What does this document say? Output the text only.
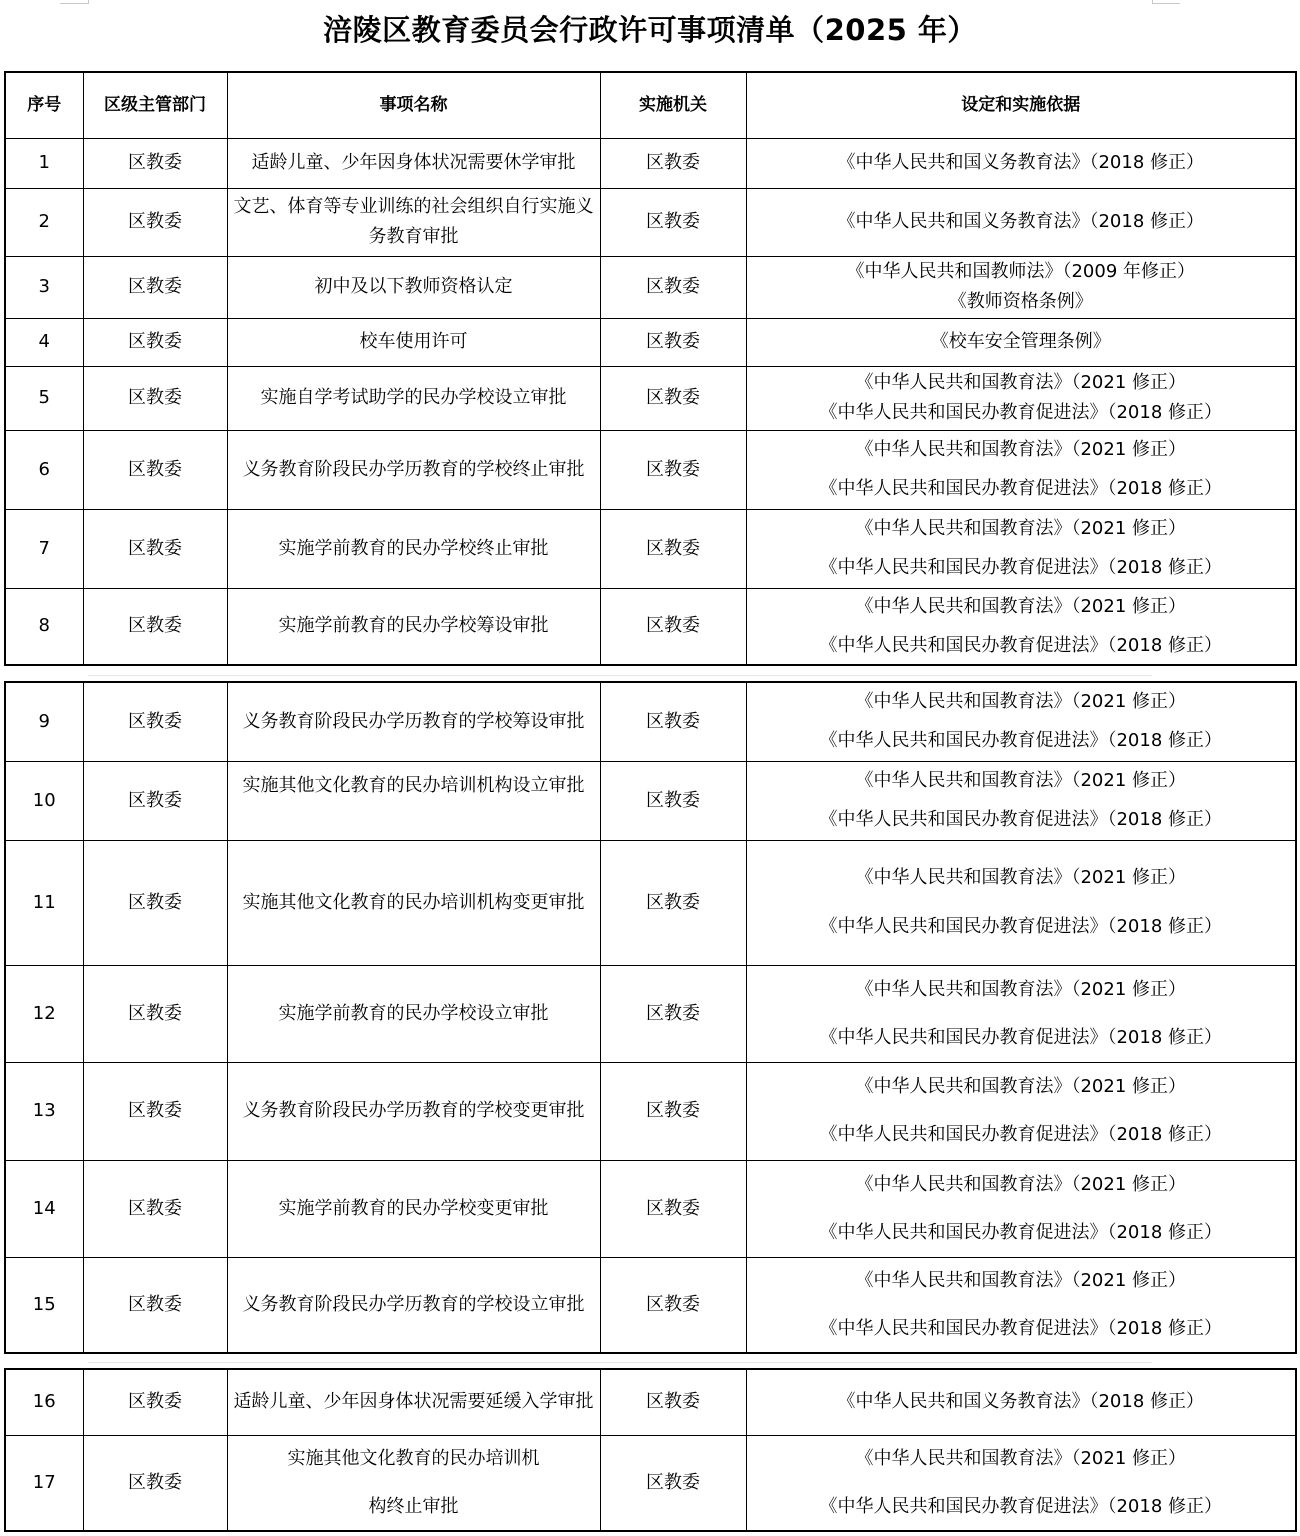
涪陵区教育委员会行政许可事项清单（2025 年）
序号	区级主管部门	事项名称	实施机关	设定和实施依据
1	区教委	适龄儿童、少年因身体状况需要休学审批	区教委	《中华人民共和国义务教育法》（2018 修正）
2	区教委	文艺、体育等专业训练的社会组织自行实施义
务教育审批	区教委	《中华人民共和国义务教育法》（2018 修正）
3	区教委	初中及以下教师资格认定	区教委	《中华人民共和国教师法》（2009 年修正）
《教师资格条例》

4	区教委	校车使用许可	区教委	《校车安全管理条例》
5	区教委	实施自学考试助学的民办学校设立审批	区教委	《中华人民共和国教育法》（2021 修正）
《中华人民共和国民办教育促进法》（2018 修正）

6	区教委	义务教育阶段民办学历教育的学校终止审批	区教委	《中华人民共和国教育法》（2021 修正）
《中华人民共和国民办教育促进法》（2018 修正）

7	区教委	实施学前教育的民办学校终止审批	区教委	《中华人民共和国教育法》（2021 修正）
《中华人民共和国民办教育促进法》（2018 修正）

8	区教委	实施学前教育的民办学校筹设审批	区教委	《中华人民共和国教育法》（2021 修正）
《中华人民共和国民办教育促进法》（2018 修正）
9	区教委	义务教育阶段民办学历教育的学校筹设审批	区教委	《中华人民共和国教育法》（2021 修正）
《中华人民共和国民办教育促进法》（2018 修正）

10	区教委	实施其他文化教育的民办培训机构设立审批	区教委	《中华人民共和国教育法》（2021 修正）
《中华人民共和国民办教育促进法》（2018 修正）

11	区教委	实施其他文化教育的民办培训机构变更审批	区教委	《中华人民共和国教育法》（2021 修正）
《中华人民共和国民办教育促进法》（2018 修正）

12	区教委	实施学前教育的民办学校设立审批	区教委	《中华人民共和国教育法》（2021 修正）
《中华人民共和国民办教育促进法》（2018 修正）

13	区教委	义务教育阶段民办学历教育的学校变更审批	区教委	《中华人民共和国教育法》（2021 修正）
《中华人民共和国民办教育促进法》（2018 修正）

14	区教委	实施学前教育的民办学校变更审批	区教委	《中华人民共和国教育法》（2021 修正）
《中华人民共和国民办教育促进法》（2018 修正）

15	区教委	义务教育阶段民办学历教育的学校设立审批	区教委	《中华人民共和国教育法》（2021 修正）
《中华人民共和国民办教育促进法》（2018 修正）
16	区教委	适龄儿童、少年因身体状况需要延缓入学审批	区教委	《中华人民共和国义务教育法》（2018 修正）
17	区教委	实施其他文化教育的民办培训机
构终止审批	区教委	《中华人民共和国教育法》（2021 修正）
《中华人民共和国民办教育促进法》（2018 修正）
